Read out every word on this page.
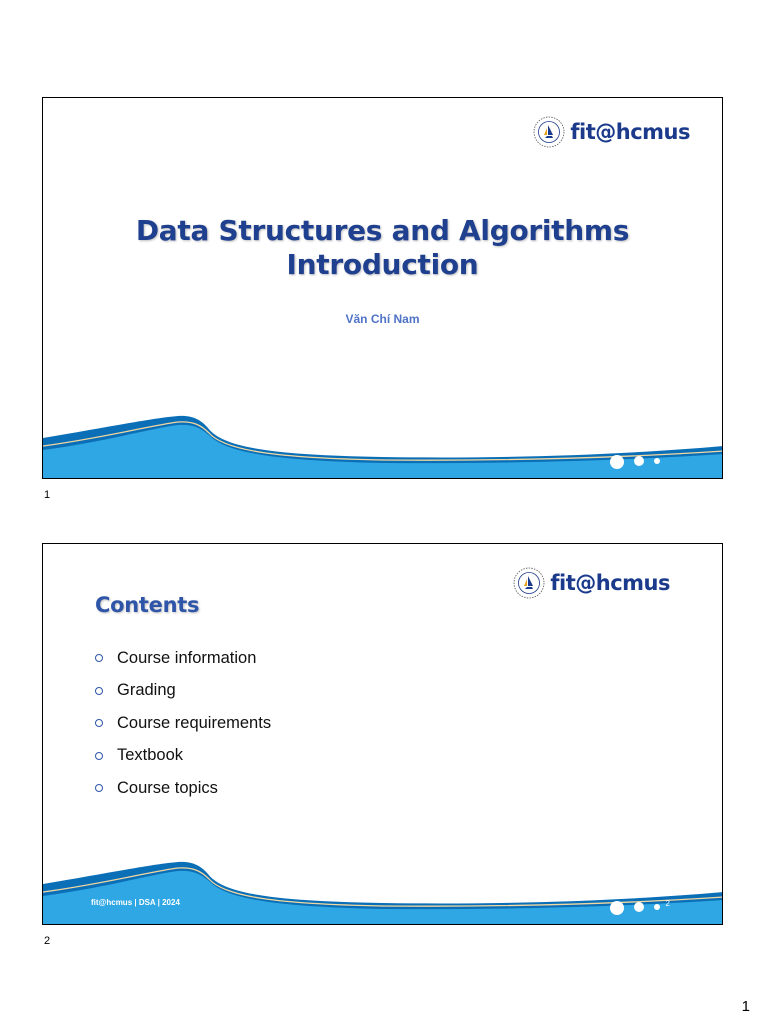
fit@hcmus
Data Structures and Algorithms
Introduction
Văn Chí Nam
1
fit@hcmus
Contents
Course information
Grading
Course requirements
Textbook
Course topics
fit@hcmus | DSA | 2024	2
2
1
